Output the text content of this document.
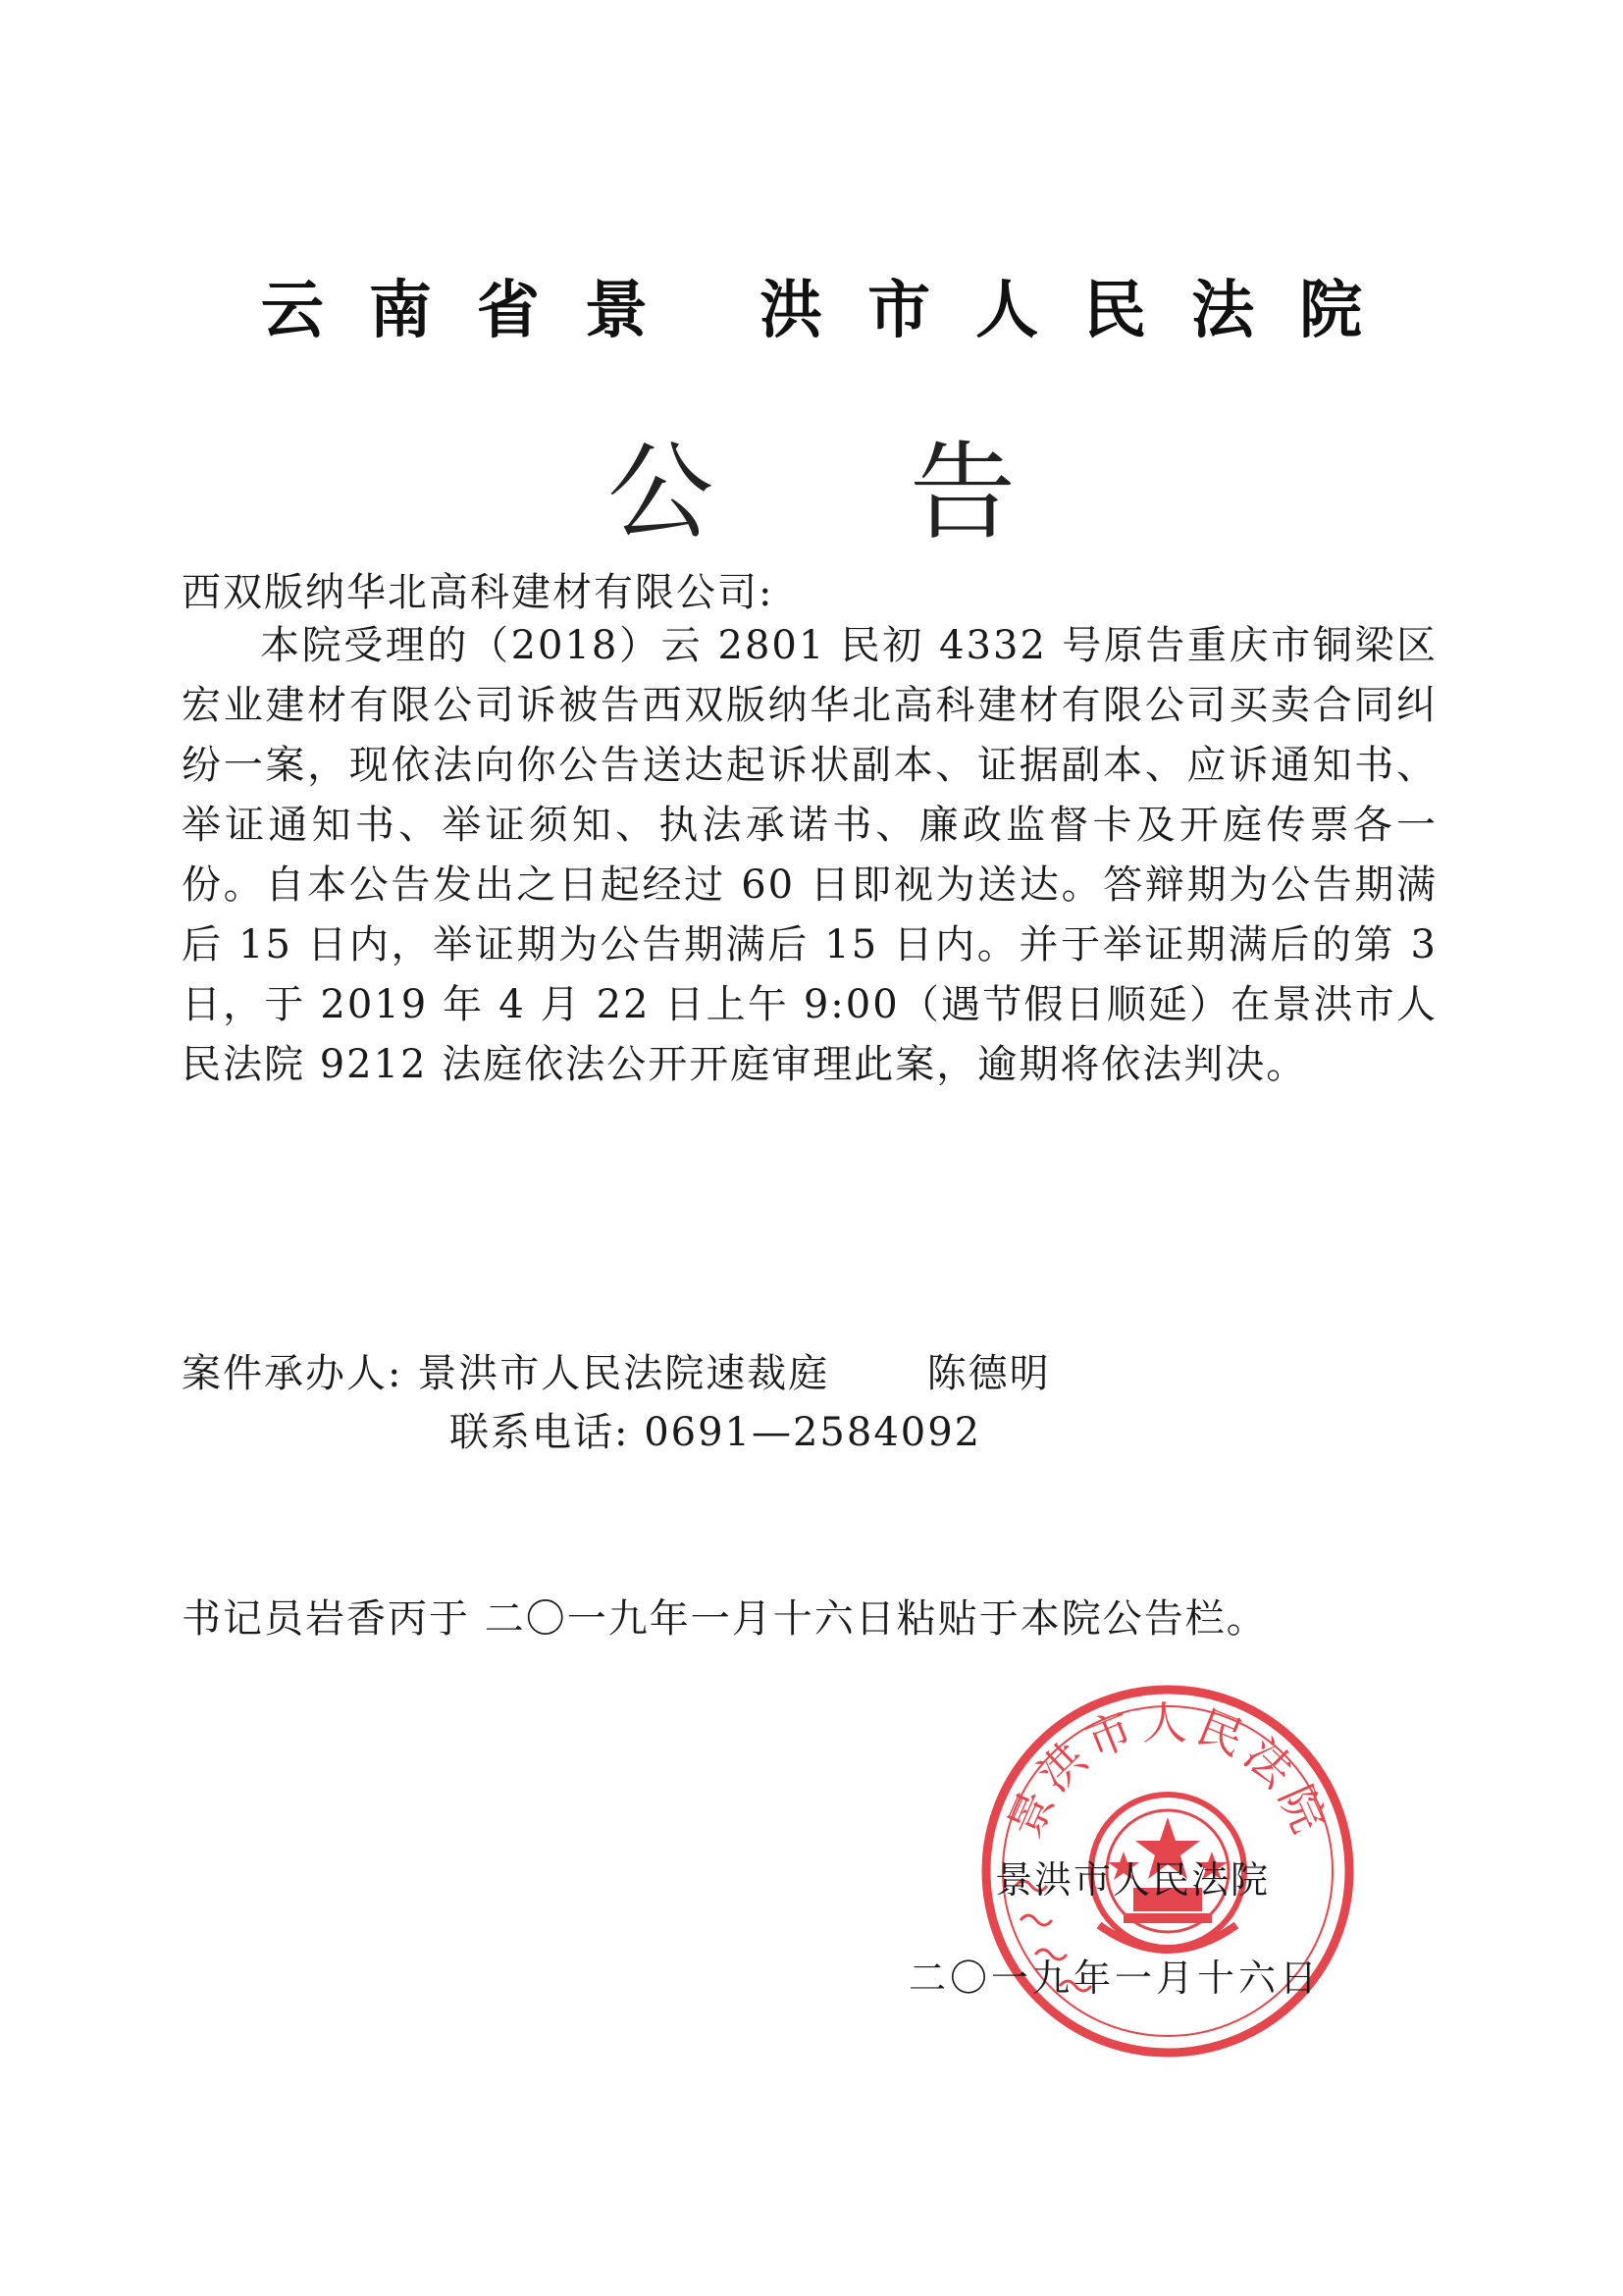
云南省景 洪市人民法院
公告
西双版纳华北高科建材有限公司:

本院受理的（2018）云 2801 民初 4332 号原告重庆市铜梁区宏业建材有限公司诉被告西双版纳华北高科建材有限公司买卖合同纠纷一案，现依法向你公告送达起诉状副本、证据副本、应诉通知书、举证通知书、举证须知、执法承诺书、廉政监督卡及开庭传票各一份。自本公告发出之日起经过 60 日即视为送达。答辩期为公告期满后 15 日内，举证期为公告期满后 15 日内。并于举证期满后的第 3 日，于 2019 年 4 月 22 日上午 9:00（遇节假日顺延）在景洪市人民法院 9212 法庭依法公开开庭审理此案，逾期将依法判决。

案件承办人: 景洪市人民法院速裁庭 陈德明
联系电话: 0691—2584092
书记员岩香丙于 二〇一九年一月十六日粘贴于本院公告栏。
景洪市人民法院
景洪市人民法院
二〇一九年一月十六日
